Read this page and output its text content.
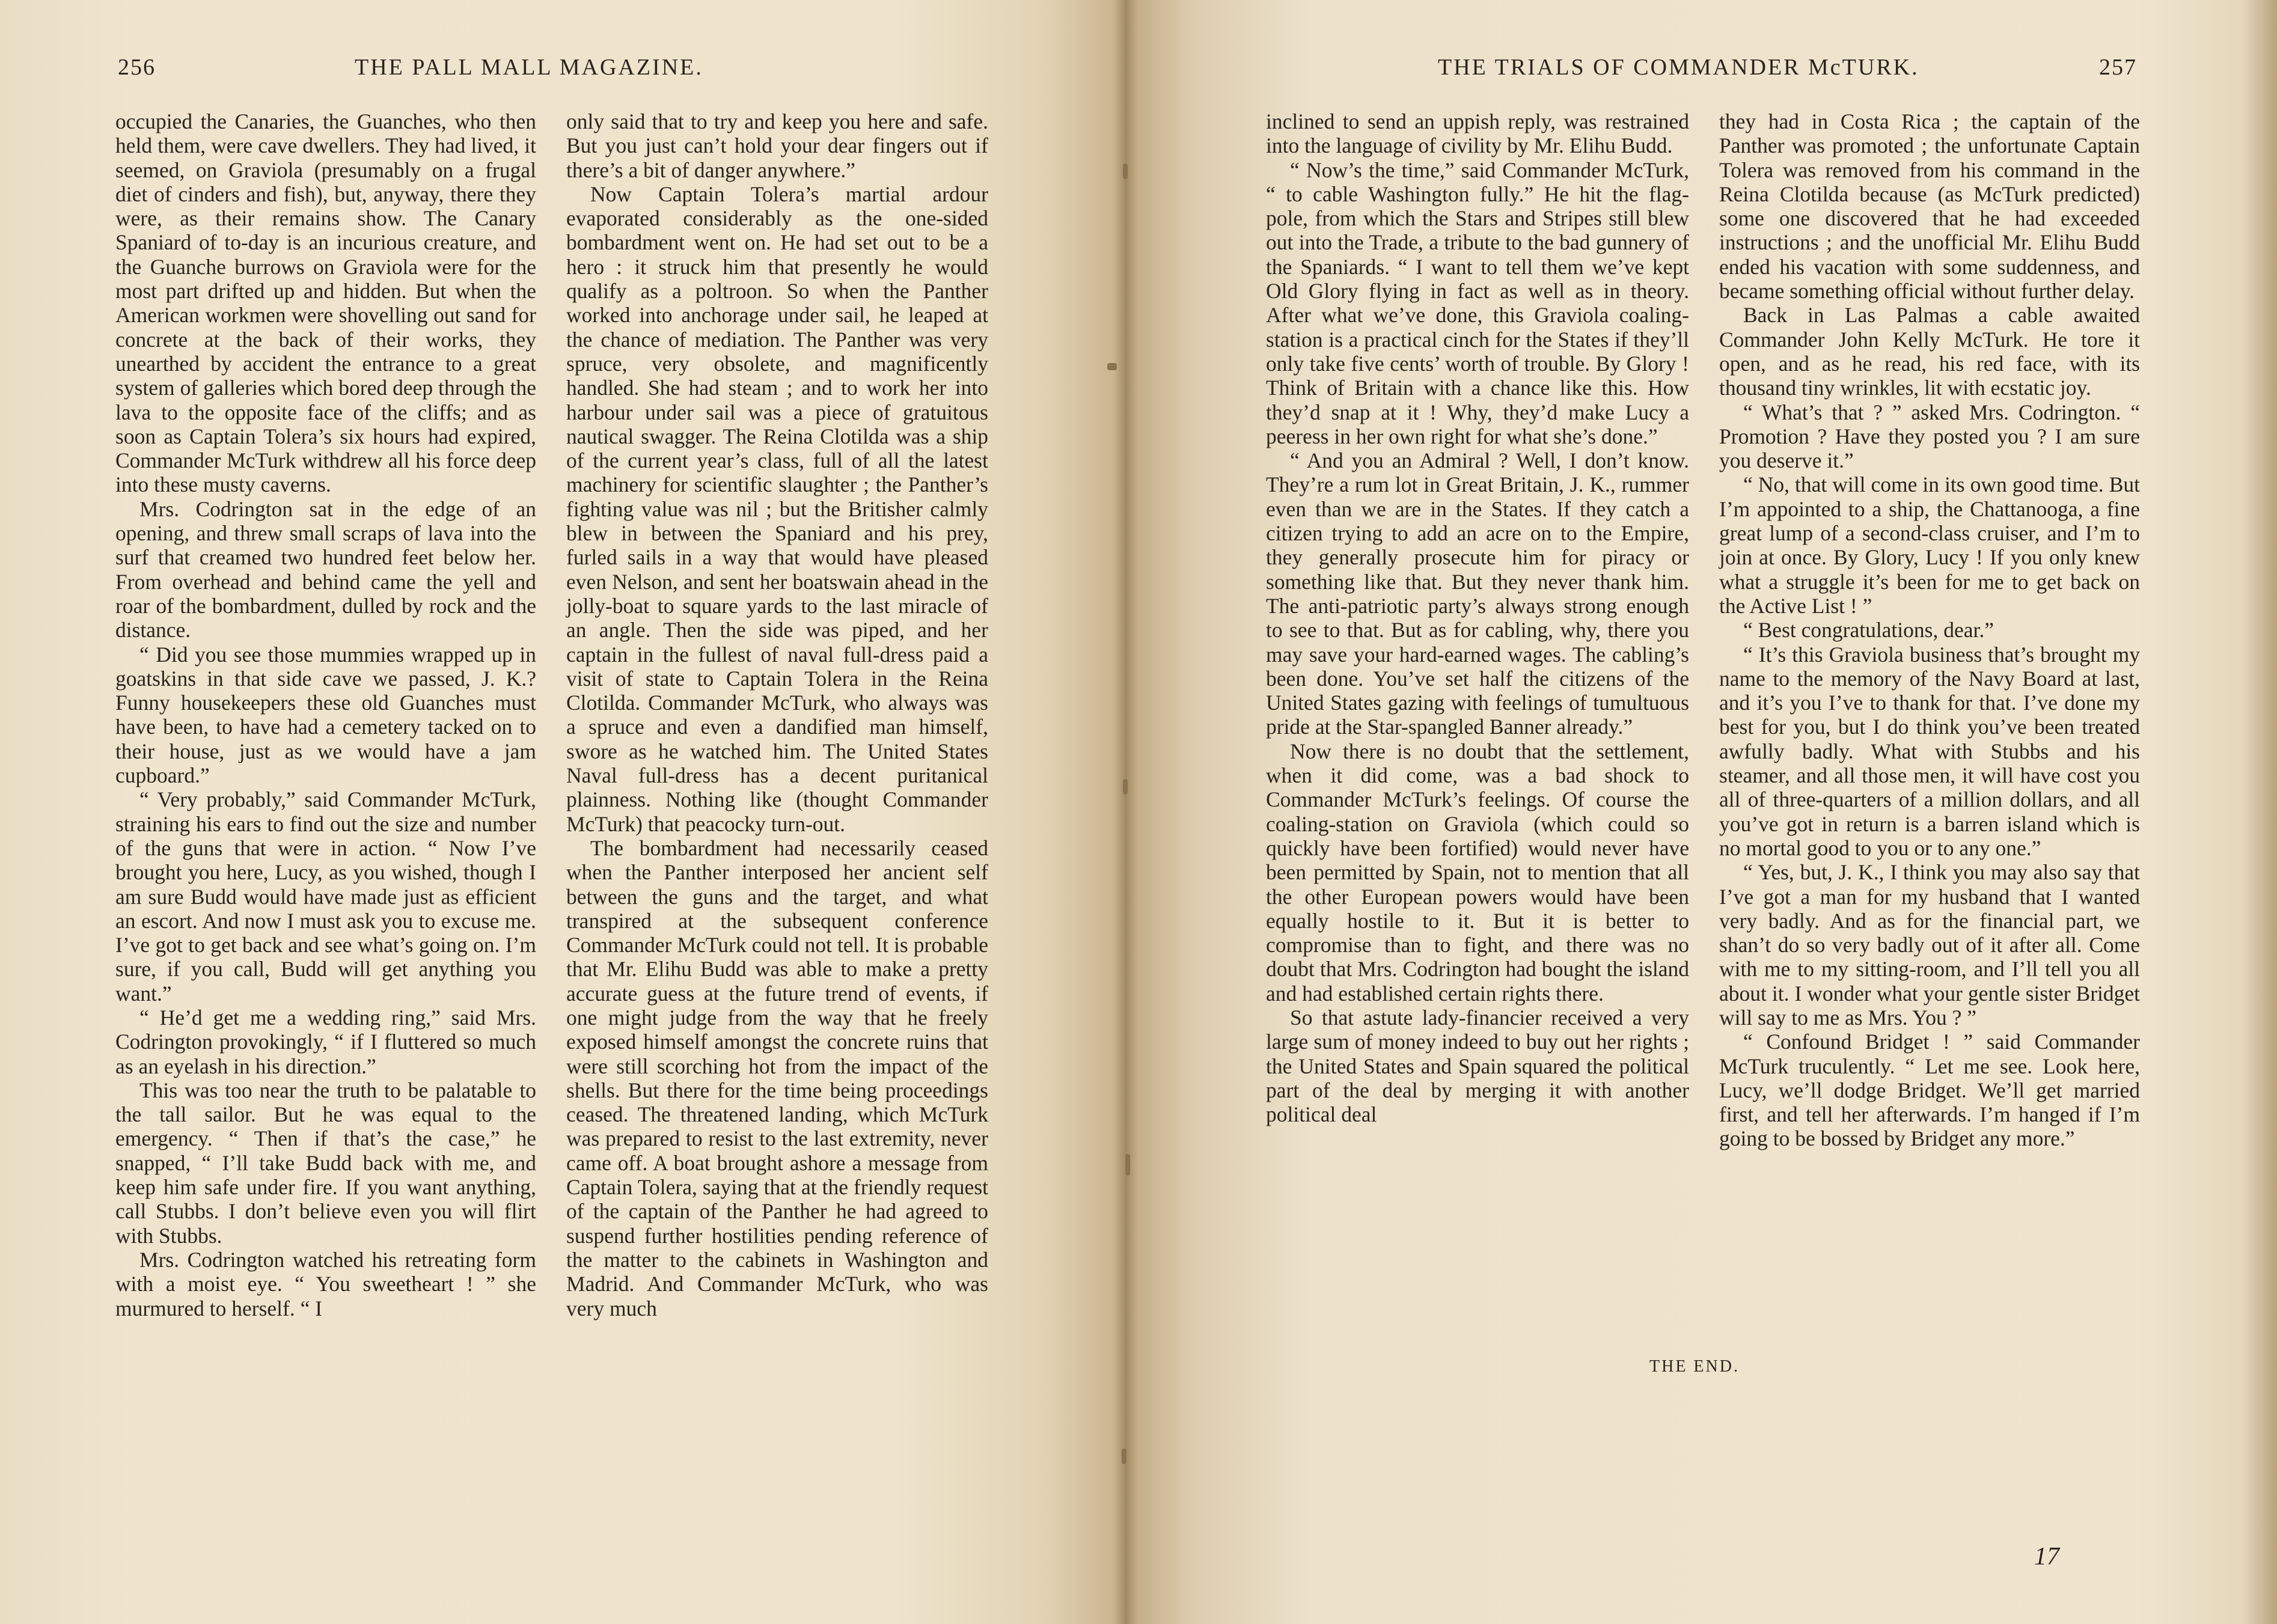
256	THE PALL MALL MAGAZINE.

occupied the Canaries, the Guanches, who then held them, were cave dwellers. They had lived, it seemed, on Graviola (presumably on a frugal diet of cinders and fish), but, anyway, there they were, as their remains show. The Canary Spaniard of to-day is an incurious creature, and the Guanche burrows on Graviola were for the most part drifted up and hidden. But when the American workmen were shovelling out sand for concrete at the back of their works, they unearthed by accident the entrance to a great system of galleries which bored deep through the lava to the opposite face of the cliffs; and as soon as Captain Tolera’s six hours had expired, Commander McTurk withdrew all his force deep into these musty caverns.

Mrs. Codrington sat in the edge of an opening, and threw small scraps of lava into the surf that creamed two hundred feet below her. From overhead and behind came the yell and roar of the bombardment, dulled by rock and the distance.

“ Did you see those mummies wrapped up in goatskins in that side cave we passed, J. K.? Funny housekeepers these old Guanches must have been, to have had a cemetery tacked on to their house, just as we would have a jam cupboard.”

“ Very probably,” said Commander McTurk, straining his ears to find out the size and number of the guns that were in action. “ Now I’ve brought you here, Lucy, as you wished, though I am sure Budd would have made just as efficient an escort. And now I must ask you to excuse me. I’ve got to get back and see what’s going on. I’m sure, if you call, Budd will get anything you want.”

“ He’d get me a wedding ring,” said Mrs. Codrington provokingly, “ if I fluttered so much as an eyelash in his direction.”

This was too near the truth to be palatable to the tall sailor. But he was equal to the emergency. “ Then if that’s the case,” he snapped, “ I’ll take Budd back with me, and keep him safe under fire. If you want anything, call Stubbs. I don’t believe even you will flirt with Stubbs.

Mrs. Codrington watched his retreating form with a moist eye. “ You sweetheart ! ” she murmured to herself. “ I

only said that to try and keep you here and safe. But you just can’t hold your dear fingers out if there’s a bit of danger anywhere.”

Now Captain Tolera’s martial ardour evaporated considerably as the one-sided bombardment went on. He had set out to be a hero : it struck him that presently he would qualify as a poltroon. So when the Panther worked into anchorage under sail, he leaped at the chance of mediation. The Panther was very spruce, very obsolete, and magnificently handled. She had steam ; and to work her into harbour under sail was a piece of gratuitous nautical swagger. The Reina Clotilda was a ship of the current year’s class, full of all the latest machinery for scientific slaughter ; the Panther’s fighting value was nil ; but the Britisher calmly blew in between the Spaniard and his prey, furled sails in a way that would have pleased even Nelson, and sent her boatswain ahead in the jolly-boat to square yards to the last miracle of an angle. Then the side was piped, and her captain in the fullest of naval full-dress paid a visit of state to Captain Tolera in the Reina Clotilda. Commander McTurk, who always was a spruce and even a dandified man himself, swore as he watched him. The United States Naval full-dress has a decent puritanical plainness. Nothing like (thought Commander McTurk) that peacocky turn-out.

The bombardment had necessarily ceased when the Panther interposed her ancient self between the guns and the target, and what transpired at the subsequent conference Commander McTurk could not tell. It is probable that Mr. Elihu Budd was able to make a pretty accurate guess at the future trend of events, if one might judge from the way that he freely exposed himself amongst the concrete ruins that were still scorching hot from the impact of the shells. But there for the time being proceedings ceased. The threatened landing, which McTurk was prepared to resist to the last extremity, never came off. A boat brought ashore a message from Captain Tolera, saying that at the friendly request of the captain of the Panther he had agreed to suspend further hostilities pending reference of the matter to the cabinets in Washington and Madrid. And Commander McTurk, who was very much

THE TRIALS OF COMMANDER McTURK.	257

inclined to send an uppish reply, was restrained into the language of civility by Mr. Elihu Budd.

“ Now’s the time,” said Commander McTurk, “ to cable Washington fully.” He hit the flag-pole, from which the Stars and Stripes still blew out into the Trade, a tribute to the bad gunnery of the Spaniards. “ I want to tell them we’ve kept Old Glory flying in fact as well as in theory. After what we’ve done, this Graviola coaling-station is a practical cinch for the States if they’ll only take five cents’ worth of trouble. By Glory ! Think of Britain with a chance like this. How they’d snap at it ! Why, they’d make Lucy a peeress in her own right for what she’s done.”

“ And you an Admiral ? Well, I don’t know. They’re a rum lot in Great Britain, J. K., rummer even than we are in the States. If they catch a citizen trying to add an acre on to the Empire, they generally prosecute him for piracy or something like that. But they never thank him. The anti-patriotic party’s always strong enough to see to that. But as for cabling, why, there you may save your hard-earned wages. The cabling’s been done. You’ve set half the citizens of the United States gazing with feelings of tumultuous pride at the Star-spangled Banner already.”

Now there is no doubt that the settlement, when it did come, was a bad shock to Commander McTurk’s feelings. Of course the coaling-station on Graviola (which could so quickly have been fortified) would never have been permitted by Spain, not to mention that all the other European powers would have been equally hostile to it. But it is better to compromise than to fight, and there was no doubt that Mrs. Codrington had bought the island and had established certain rights there.

So that astute lady-financier received a very large sum of money indeed to buy out her rights ; the United States and Spain squared the political part of the deal by merging it with another political deal

they had in Costa Rica ; the captain of the Panther was promoted ; the unfortunate Captain Tolera was removed from his command in the Reina Clotilda because (as McTurk predicted) some one discovered that he had exceeded instructions ; and the unofficial Mr. Elihu Budd ended his vacation with some suddenness, and became something official without further delay.

Back in Las Palmas a cable awaited Commander John Kelly McTurk. He tore it open, and as he read, his red face, with its thousand tiny wrinkles, lit with ecstatic joy.

“ What’s that ? ” asked Mrs. Codrington. “ Promotion ? Have they posted you ? I am sure you deserve it.”

“ No, that will come in its own good time. But I’m appointed to a ship, the Chattanooga, a fine great lump of a second-class cruiser, and I’m to join at once. By Glory, Lucy ! If you only knew what a struggle it’s been for me to get back on the Active List ! ”

“ Best congratulations, dear.”

“ It’s this Graviola business that’s brought my name to the memory of the Navy Board at last, and it’s you I’ve to thank for that. I’ve done my best for you, but I do think you’ve been treated awfully badly. What with Stubbs and his steamer, and all those men, it will have cost you all of three-quarters of a million dollars, and all you’ve got in return is a barren island which is no mortal good to you or to any one.”

“ Yes, but, J. K., I think you may also say that I’ve got a man for my husband that I wanted very badly. And as for the financial part, we shan’t do so very badly out of it after all. Come with me to my sitting-room, and I’ll tell you all about it. I wonder what your gentle sister Bridget will say to me as Mrs. You ? ”

“ Confound Bridget ! ” said Commander McTurk truculently. “ Let me see. Look here, Lucy, we’ll dodge Bridget. We’ll get married first, and tell her afterwards. I’m hanged if I’m going to be bossed by Bridget any more.”

THE END.
17
